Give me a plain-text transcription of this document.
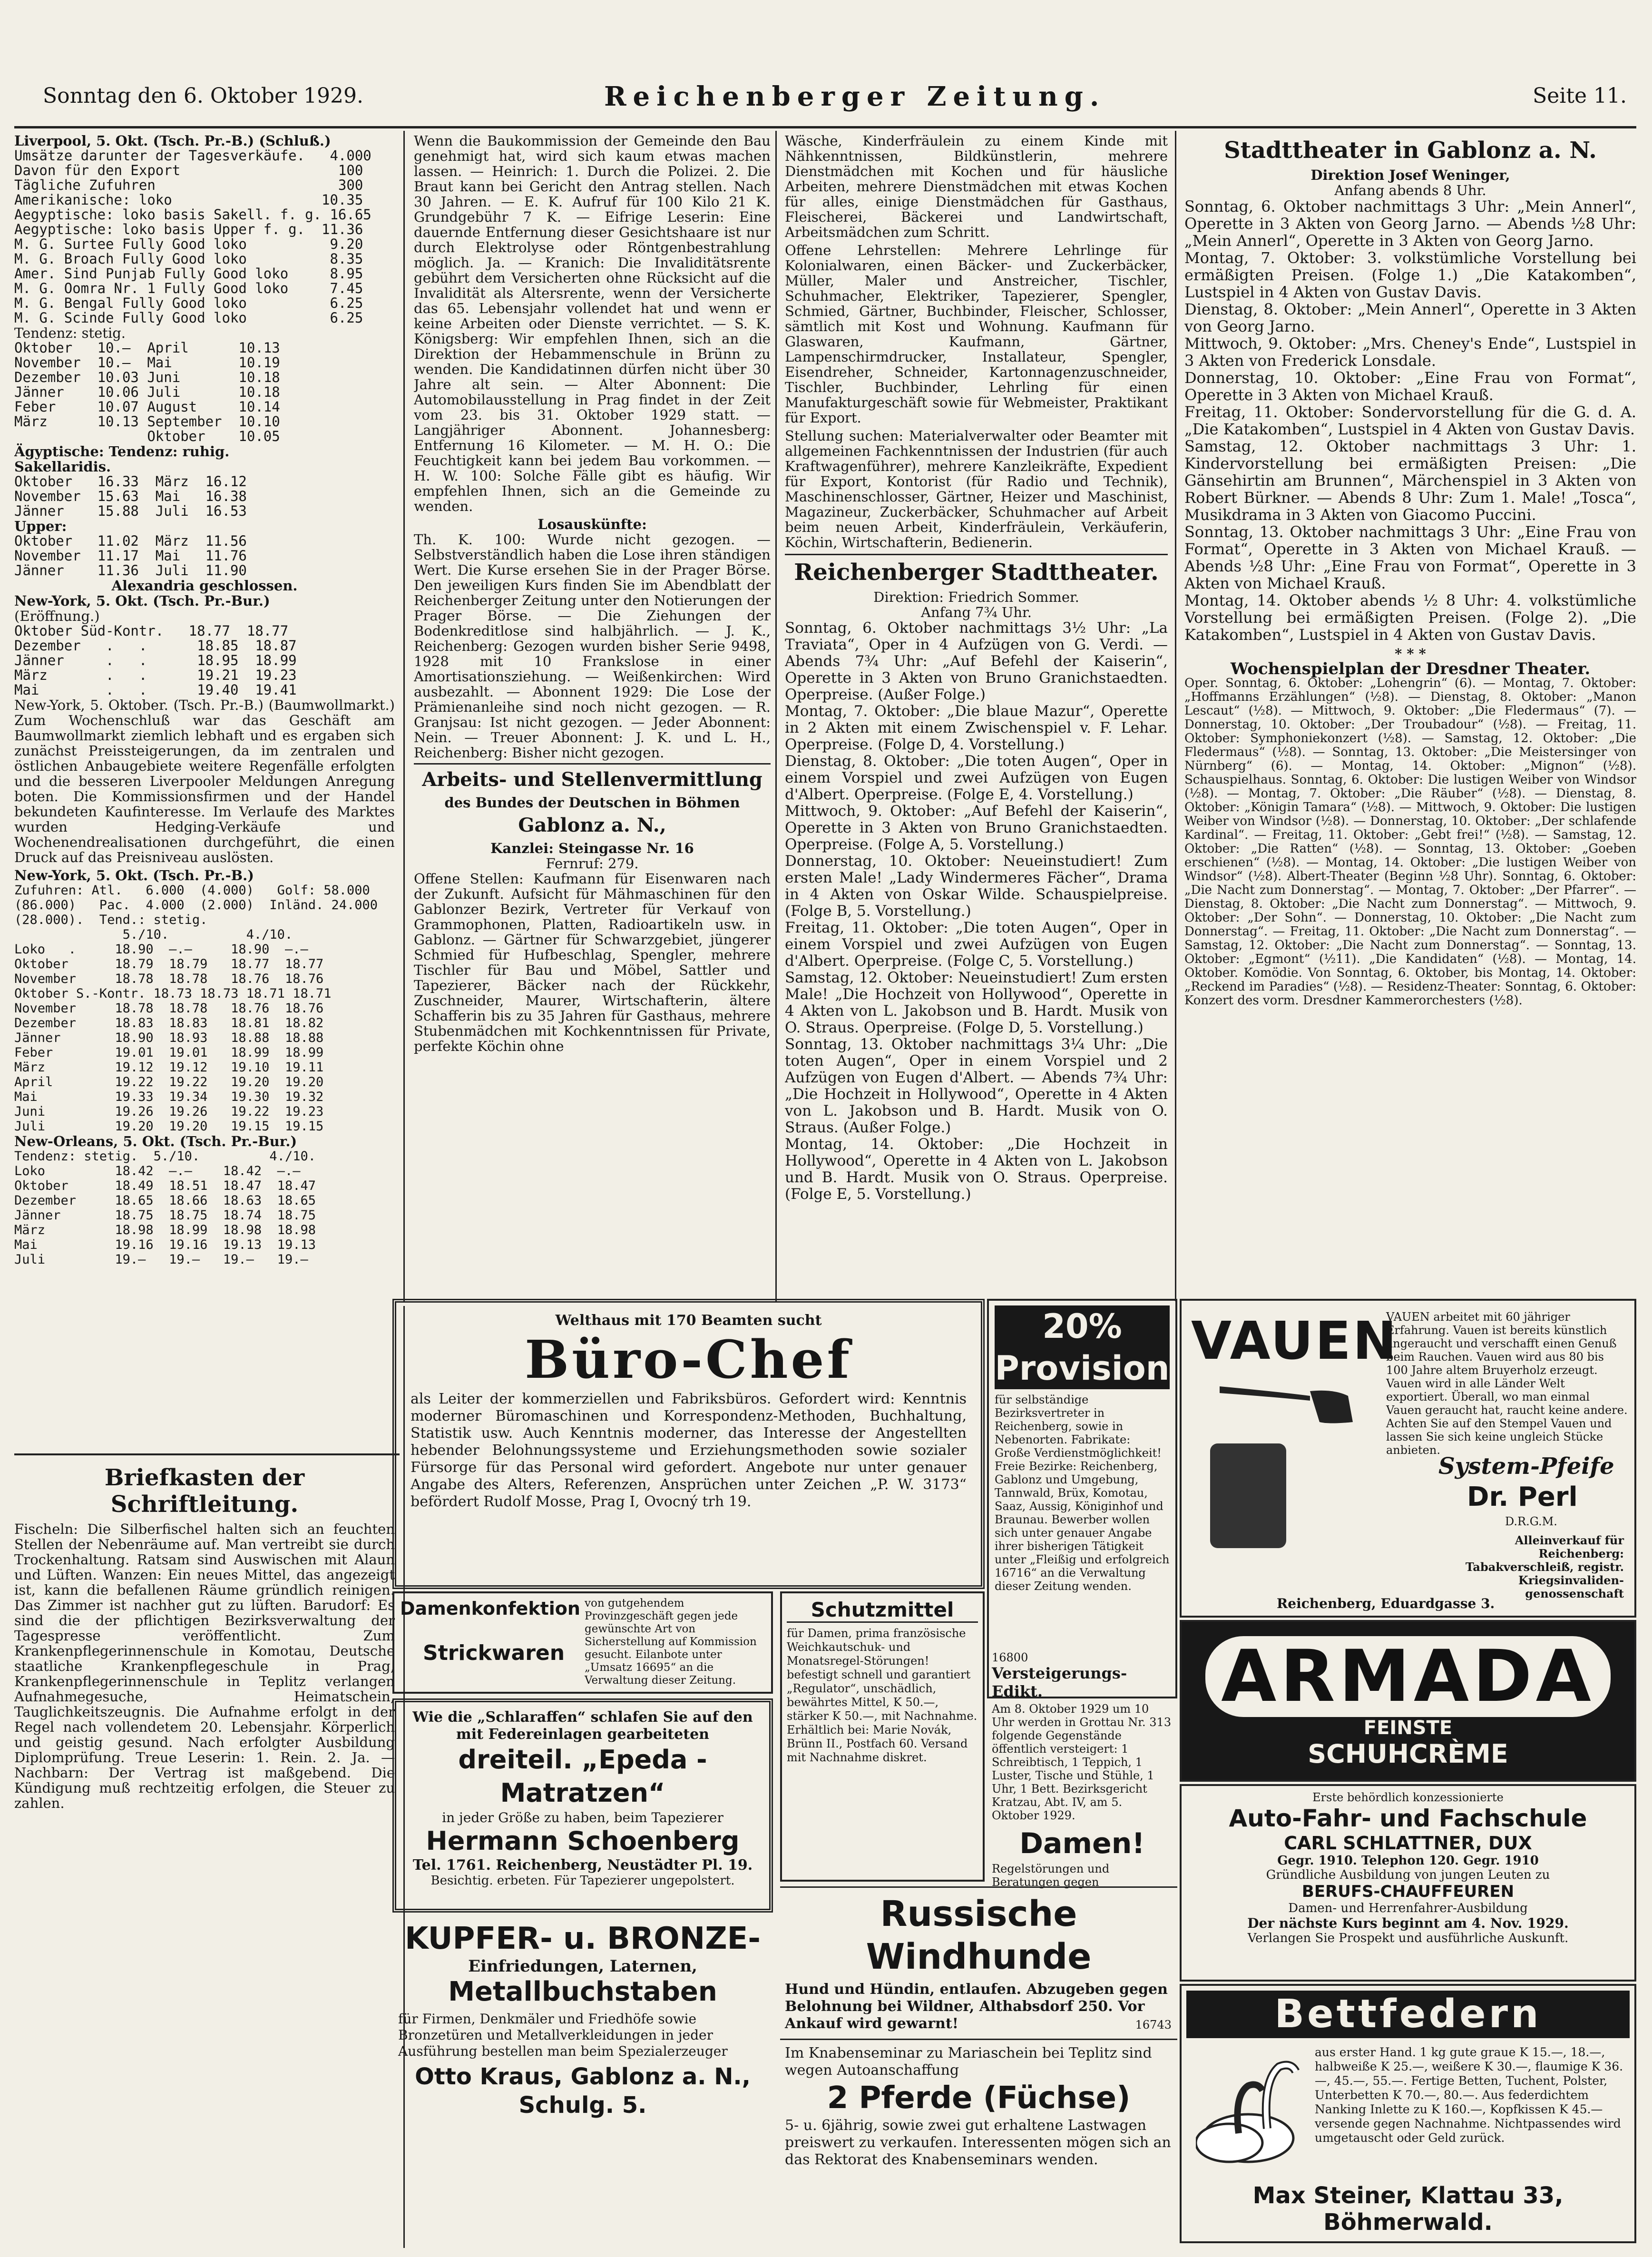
Sonntag den 6. Oktober 1929.	Reichenberger Zeitung.	Seite 11.
Liverpool, 5. Okt. (Tsch. Pr.-B.) (Schluß.)
Umsätze darunter der Tagesverkäufe.   4.000
Davon für den Export                   100
Tägliche Zufuhren                      300
Amerikanische: loko                  10.35
Aegyptische: loko basis Sakell. f. g. 16.65
Aegyptische: loko basis Upper f. g.  11.36
M. G. Surtee Fully Good loko          9.20
M. G. Broach Fully Good loko          8.35
Amer. Sind Punjab Fully Good loko     8.95
M. G. Oomra Nr. 1 Fully Good loko     7.45
M. G. Bengal Fully Good loko          6.25
M. G. Scinde Fully Good loko          6.25
Tendenz: stetig.
Oktober   10.—  April      10.13
November  10.—  Mai        10.19
Dezember  10.03 Juni       10.18
Jänner    10.06 Juli       10.18
Feber     10.07 August     10.14
März      10.13 September  10.10
Oktober    10.05
Ägyptische: Tendenz: ruhig.
Sakellaridis.
Oktober   16.33  März  16.12
November  15.63  Mai   16.38
Jänner    15.88  Juli  16.53
Upper:
Oktober   11.02  März  11.56
November  11.17  Mai   11.76
Jänner    11.36  Juli  11.90
Alexandria geschlossen.
New-York, 5. Okt. (Tsch. Pr.-Bur.)
(Eröffnung.)
Oktober Süd-Kontr.   18.77  18.77
Dezember   .   .      18.85  18.87
Jänner     .   .      18.95  18.99
März       .   .      19.21  19.23
Mai        .   .      19.40  19.41

New-York, 5. Oktober. (Tsch. Pr.-B.) (Baumwollmarkt.) Zum Wochenschluß war das Geschäft am Baumwollmarkt ziemlich lebhaft und es ergaben sich zunächst Preissteigerungen, da im zentralen und östlichen Anbaugebiete weitere Regenfälle erfolgten und die besseren Liverpooler Meldungen Anregung boten. Die Kommissionsfirmen und der Handel bekundeten Kaufinteresse. Im Verlaufe des Marktes wurden Hedging-Verkäufe und Wochenendrealisationen durchgeführt, die einen Druck auf das Preisniveau auslösten.

New-York, 5. Okt. (Tsch. Pr.-B.)
Zufuhren: Atl.   6.000  (4.000)   Golf: 58.000
(86.000)   Pac.  4.000  (2.000)  Inländ. 24.000
(28.000).  Tend.: stetig.
5./10.          4./10.
Loko   .     18.90  —.—     18.90  —.—
Oktober      18.79  18.79   18.77  18.77
November     18.78  18.78   18.76  18.76
Oktober S.-Kontr. 18.73 18.73 18.71 18.71
November     18.78  18.78   18.76  18.76
Dezember     18.83  18.83   18.81  18.82
Jänner       18.90  18.93   18.88  18.88
Feber        19.01  19.01   18.99  18.99
März         19.12  19.12   19.10  19.11
April        19.22  19.22   19.20  19.20
Mai          19.33  19.34   19.30  19.32
Juni         19.26  19.26   19.22  19.23
Juli         19.20  19.20   19.15  19.15
New-Orleans, 5. Okt. (Tsch. Pr.-Bur.)
Tendenz: stetig.  5./10.         4./10.
Loko         18.42  —.—    18.42  —.—
Oktober      18.49  18.51  18.47  18.47
Dezember     18.65  18.66  18.63  18.65
Jänner       18.75  18.75  18.74  18.75
März         18.98  18.99  18.98  18.98
Mai          19.16  19.16  19.13  19.13
Juli         19.—   19.—   19.—   19.—
Briefkasten der Schriftleitung.

Fischeln: Die Silberfischel halten sich an feuchten Stellen der Nebenräume auf. Man vertreibt sie durch Trockenhaltung. Ratsam sind Auswischen mit Alaun und Lüften. Wanzen: Ein neues Mittel, das angezeigt ist, kann die befallenen Räume gründlich reinigen. Das Zimmer ist nachher gut zu lüften. Barudorf: Es sind die der pflichtigen Bezirksverwaltung der Tagespresse veröffentlicht. Zum Krankenpflegerinnenschule in Komotau, Deutsche staatliche Krankenpflegeschule in Prag, Krankenpflegerinnenschule in Teplitz verlangen Aufnahmegesuche, Heimatschein, Tauglichkeitszeugnis. Die Aufnahme erfolgt in der Regel nach vollendetem 20. Lebensjahr. Körperlich und geistig gesund. Nach erfolgter Ausbildung Diplomprüfung. Treue Leserin: 1. Rein. 2. Ja. — Nachbarn: Der Vertrag ist maßgebend. Die Kündigung muß rechtzeitig erfolgen, die Steuer zu zahlen.

Wenn die Baukommission der Gemeinde den Bau genehmigt hat, wird sich kaum etwas machen lassen. — Heinrich: 1. Durch die Polizei. 2. Die Braut kann bei Gericht den Antrag stellen. Nach 30 Jahren. — E. K. Aufruf für 100 Kilo 21 K. Grundgebühr 7 K. — Eifrige Leserin: Eine dauernde Entfernung dieser Gesichtshaare ist nur durch Elektrolyse oder Röntgenbestrahlung möglich. Ja. — Kranich: Die Invaliditätsrente gebührt dem Versicherten ohne Rücksicht auf die Invalidität als Altersrente, wenn der Versicherte das 65. Lebensjahr vollendet hat und wenn er keine Arbeiten oder Dienste verrichtet. — S. K. Königsberg: Wir empfehlen Ihnen, sich an die Direktion der Hebammenschule in Brünn zu wenden. Die Kandidatinnen dürfen nicht über 30 Jahre alt sein. — Alter Abonnent: Die Automobilausstellung in Prag findet in der Zeit vom 23. bis 31. Oktober 1929 statt. — Langjähriger Abonnent. Johannesberg: Entfernung 16 Kilometer. — M. H. O.: Die Feuchtigkeit kann bei jedem Bau vorkommen. — H. W. 100: Solche Fälle gibt es häufig. Wir empfehlen Ihnen, sich an die Gemeinde zu wenden.

Losauskünfte:

Th. K. 100: Wurde nicht gezogen. — Selbstverständlich haben die Lose ihren ständigen Wert. Die Kurse ersehen Sie in der Prager Börse. Den jeweiligen Kurs finden Sie im Abendblatt der Reichenberger Zeitung unter den Notierungen der Prager Börse. — Die Ziehungen der Bodenkreditlose sind halbjährlich. — J. K., Reichenberg: Gezogen wurden bisher Serie 9498, 1928 mit 10 Frankslose in einer Amortisationsziehung. — Weißenkirchen: Wird ausbezahlt. — Abonnent 1929: Die Lose der Prämienanleihe sind noch nicht gezogen. — R. Granjsau: Ist nicht gezogen. — Jeder Abonnent: Nein. — Treuer Abonnent: J. K. und L. H., Reichenberg: Bisher nicht gezogen.

Arbeits- und Stellenvermittlung
des Bundes der Deutschen in Böhmen
Gablonz a. N.,
Kanzlei: Steingasse Nr. 16
Fernruf: 279.

Offene Stellen: Kaufmann für Eisenwaren nach der Zukunft. Aufsicht für Mähmaschinen für den Gablonzer Bezirk, Vertreter für Verkauf von Grammophonen, Platten, Radioartikeln usw. in Gablonz. — Gärtner für Schwarzgebiet, jüngerer Schmied für Hufbeschlag, Spengler, mehrere Tischler für Bau und Möbel, Sattler und Tapezierer, Bäcker nach der Rückkehr, Zuschneider, Maurer, Wirtschafterin, ältere Schafferin bis zu 35 Jahren für Gasthaus, mehrere Stubenmädchen mit Kochkenntnissen für Private, perfekte Köchin ohne

Wäsche, Kinderfräulein zu einem Kinde mit Nähkenntnissen, Bildkünstlerin, mehrere Dienstmädchen mit Kochen und für häusliche Arbeiten, mehrere Dienstmädchen mit etwas Kochen für alles, einige Dienstmädchen für Gasthaus, Fleischerei, Bäckerei und Landwirtschaft, Arbeitsmädchen zum Schritt.

Offene Lehrstellen: Mehrere Lehrlinge für Kolonialwaren, einen Bäcker- und Zuckerbäcker, Müller, Maler und Anstreicher, Tischler, Schuhmacher, Elektriker, Tapezierer, Spengler, Schmied, Gärtner, Buchbinder, Fleischer, Schlosser, sämtlich mit Kost und Wohnung. Kaufmann für Glaswaren, Kaufmann, Gärtner, Lampenschirmdrucker, Installateur, Spengler, Eisendreher, Schneider, Kartonnagenzuschneider, Tischler, Buchbinder, Lehrling für einen Manufakturgeschäft sowie für Webmeister, Praktikant für Export.

Stellung suchen: Materialverwalter oder Beamter mit allgemeinen Fachkenntnissen der Industrien (für auch Kraftwagenführer), mehrere Kanzleikräfte, Expedient für Export, Kontorist (für Radio und Technik), Maschinenschlosser, Gärtner, Heizer und Maschinist, Magazineur, Zuckerbäcker, Schuhmacher auf Arbeit beim neuen Arbeit, Kinderfräulein, Verkäuferin, Köchin, Wirtschafterin, Bedienerin.

Reichenberger Stadttheater.
Direktion: Friedrich Sommer.
Anfang 7¾ Uhr.

Sonntag, 6. Oktober nachmittags 3½ Uhr: „La Traviata“, Oper in 4 Aufzügen von G. Verdi. — Abends 7¾ Uhr: „Auf Befehl der Kaiserin“, Operette in 3 Akten von Bruno Granichstaedten. Operpreise. (Außer Folge.)
Montag, 7. Oktober: „Die blaue Mazur“, Operette in 2 Akten mit einem Zwischenspiel v. F. Lehar. Operpreise. (Folge D, 4. Vorstellung.)
Dienstag, 8. Oktober: „Die toten Augen“, Oper in einem Vorspiel und zwei Aufzügen von Eugen d'Albert. Operpreise. (Folge E, 4. Vorstellung.)
Mittwoch, 9. Oktober: „Auf Befehl der Kaiserin“, Operette in 3 Akten von Bruno Granichstaedten. Operpreise. (Folge A, 5. Vorstellung.)
Donnerstag, 10. Oktober: Neueinstudiert! Zum ersten Male! „Lady Windermeres Fächer“, Drama in 4 Akten von Oskar Wilde. Schauspielpreise. (Folge B, 5. Vorstellung.)
Freitag, 11. Oktober: „Die toten Augen“, Oper in einem Vorspiel und zwei Aufzügen von Eugen d'Albert. Operpreise. (Folge C, 5. Vorstellung.)
Samstag, 12. Oktober: Neueinstudiert! Zum ersten Male! „Die Hochzeit von Hollywood“, Operette in 4 Akten von L. Jakobson und B. Hardt. Musik von O. Straus. Operpreise. (Folge D, 5. Vorstellung.)
Sonntag, 13. Oktober nachmittags 3¼ Uhr: „Die toten Augen“, Oper in einem Vorspiel und 2 Aufzügen von Eugen d'Albert. — Abends 7¾ Uhr: „Die Hochzeit in Hollywood“, Operette in 4 Akten von L. Jakobson und B. Hardt. Musik von O. Straus. (Außer Folge.)
Montag, 14. Oktober: „Die Hochzeit in Hollywood“, Operette in 4 Akten von L. Jakobson und B. Hardt. Musik von O. Straus. Operpreise. (Folge E, 5. Vorstellung.)

Stadttheater in Gablonz a. N.
Direktion Josef Weninger,
Anfang abends 8 Uhr.

Sonntag, 6. Oktober nachmittags 3 Uhr: „Mein Annerl“, Operette in 3 Akten von Georg Jarno. — Abends ½8 Uhr: „Mein Annerl“, Operette in 3 Akten von Georg Jarno.
Montag, 7. Oktober: 3. volkstümliche Vorstellung bei ermäßigten Preisen. (Folge 1.) „Die Katakomben“, Lustspiel in 4 Akten von Gustav Davis.
Dienstag, 8. Oktober: „Mein Annerl“, Operette in 3 Akten von Georg Jarno.
Mittwoch, 9. Oktober: „Mrs. Cheney's Ende“, Lustspiel in 3 Akten von Frederick Lonsdale.
Donnerstag, 10. Oktober: „Eine Frau von Format“, Operette in 3 Akten von Michael Krauß.
Freitag, 11. Oktober: Sondervorstellung für die G. d. A. „Die Katakomben“, Lustspiel in 4 Akten von Gustav Davis.
Samstag, 12. Oktober nachmittags 3 Uhr: 1. Kindervorstellung bei ermäßigten Preisen: „Die Gänsehirtin am Brunnen“, Märchenspiel in 3 Akten von Robert Bürkner. — Abends 8 Uhr: Zum 1. Male! „Tosca“, Musikdrama in 3 Akten von Giacomo Puccini.
Sonntag, 13. Oktober nachmittags 3 Uhr: „Eine Frau von Format“, Operette in 3 Akten von Michael Krauß. — Abends ½8 Uhr: „Eine Frau von Format“, Operette in 3 Akten von Michael Krauß.
Montag, 14. Oktober abends ½ 8 Uhr: 4. volkstümliche Vorstellung bei ermäßigten Preisen. (Folge 2). „Die Katakomben“, Lustspiel in 4 Akten von Gustav Davis.

* * *
Wochenspielplan der Dresdner Theater.

Oper. Sonntag, 6. Oktober: „Lohengrin“ (6). — Montag, 7. Oktober: „Hoffmanns Erzählungen“ (½8). — Dienstag, 8. Oktober: „Manon Lescaut“ (½8). — Mittwoch, 9. Oktober: „Die Fledermaus“ (7). — Donnerstag, 10. Oktober: „Der Troubadour“ (½8). — Freitag, 11. Oktober: Symphoniekonzert (½8). — Samstag, 12. Oktober: „Die Fledermaus“ (½8). — Sonntag, 13. Oktober: „Die Meistersinger von Nürnberg“ (6). — Montag, 14. Oktober: „Mignon“ (½8). Schauspielhaus. Sonntag, 6. Oktober: Die lustigen Weiber von Windsor (½8). — Montag, 7. Oktober: „Die Räuber“ (½8). — Dienstag, 8. Oktober: „Königin Tamara“ (½8). — Mittwoch, 9. Oktober: Die lustigen Weiber von Windsor (½8). — Donnerstag, 10. Oktober: „Der schlafende Kardinal“. — Freitag, 11. Oktober: „Gebt frei!“ (½8). — Samstag, 12. Oktober: „Die Ratten“ (½8). — Sonntag, 13. Oktober: „Goeben erschienen“ (½8). — Montag, 14. Oktober: „Die lustigen Weiber von Windsor“ (½8). Albert-Theater (Beginn ½8 Uhr). Sonntag, 6. Oktober: „Die Nacht zum Donnerstag“. — Montag, 7. Oktober: „Der Pfarrer“. — Dienstag, 8. Oktober: „Die Nacht zum Donnerstag“. — Mittwoch, 9. Oktober: „Der Sohn“. — Donnerstag, 10. Oktober: „Die Nacht zum Donnerstag“. — Freitag, 11. Oktober: „Die Nacht zum Donnerstag“. — Samstag, 12. Oktober: „Die Nacht zum Donnerstag“. — Sonntag, 13. Oktober: „Egmont“ (½11). „Die Kandidaten“ (½8). — Montag, 14. Oktober. Komödie. Von Sonntag, 6. Oktober, bis Montag, 14. Oktober: „Reckend im Paradies“ (½8). — Residenz-Theater: Sonntag, 6. Oktober: Konzert des vorm. Dresdner Kammerorchesters (½8).

Welthaus mit 170 Beamten sucht
Büro-Chef

als Leiter der kommerziellen und Fabriksbüros. Gefordert wird: Kenntnis moderner Büromaschinen und Korrespondenz-Methoden, Buchhaltung, Statistik usw. Auch Kenntnis moderner, das Interesse der Angestellten hebender Belohnungssysteme und Erziehungsmethoden sowie sozialer Fürsorge für das Personal wird gefordert. Angebote nur unter genauer Angabe des Alters, Referenzen, Ansprüchen unter Zeichen „P. W. 3173“ befördert Rudolf Mosse, Prag I, Ovocný trh 19.

20% Provision

für selbständige Bezirksvertreter in Reichenberg, sowie in Nebenorten. Fabrikate: Große Verdienstmöglichkeit! Freie Bezirke: Reichenberg, Gablonz und Umgebung, Tannwald, Brüx, Komotau, Saaz, Aussig, Königinhof und Braunau. Bewerber wollen sich unter genauer Angabe ihrer bisherigen Tätigkeit unter „Fleißig und erfolgreich 16716“ an die Verwaltung dieser Zeitung wenden.

VAUEN

VAUEN arbeitet mit 60 jähriger Erfahrung. Vauen ist bereits künstlich angeraucht und verschafft einen Genuß beim Rauchen. Vauen wird aus 80 bis 100 Jahre altem Bruyerholz erzeugt. Vauen wird in alle Länder Welt exportiert. Überall, wo man einmal Vauen geraucht hat, raucht keine andere. Achten Sie auf den Stempel Vauen und lassen Sie sich keine ungleich Stücke anbieten.

System-Pfeife
Dr. Perl
D.R.G.M.

Alleinverkauf für Reichenberg: Tabakverschleiß, registr. Kriegsinvaliden-genossenschaft

Reichenberg, Eduardgasse 3.
Damenkonfektion
Strickwaren

von gutgehendem Provinzgeschäft gegen jede gewünschte Art von Sicherstellung auf Kommission gesucht. Eilanbote unter „Umsatz 16695“ an die Verwaltung dieser Zeitung.

Schutzmittel

für Damen, prima französische Weichkautschuk- und Monatsregel-Störungen! befestigt schnell und garantiert „Regulator“, unschädlich, bewährtes Mittel, K 50.—, stärker K 50.—, mit Nachnahme. Erhältlich bei: Marie Novák, Brünn II., Postfach 60. Versand mit Nachnahme diskret.

ARMADA
FEINSTE
SCHUHCRÈME
Erste behördlich konzessionierte
Auto-Fahr- und Fachschule
CARL SCHLATTNER, DUX
Gegr. 1910. Telephon 120. Gegr. 1910
Gründliche Ausbildung von jungen Leuten zu
BERUFS-CHAUFFEUREN
Damen- und Herrenfahrer-Ausbildung
Der nächste Kurs beginnt am 4. Nov. 1929.
Verlangen Sie Prospekt und ausführliche Auskunft.
Wie die „Schlaraffen“ schlafen Sie auf den mit Federeinlagen gearbeiteten
dreiteil. „Epeda - Matratzen“
in jeder Größe zu haben, beim Tapezierer
Hermann Schoenberg
Tel. 1761. Reichenberg, Neustädter Pl. 19.
Besichtig. erbeten. Für Tapezierer ungepolstert.
16800
Versteigerungs-Edikt.

Am 8. Oktober 1929 um 10 Uhr werden in Grottau Nr. 313 folgende Gegenstände öffentlich versteigert: 1 Schreibtisch, 1 Teppich, 1 Luster, Tische und Stühle, 1 Uhr, 1 Bett. Bezirksgericht Kratzau, Abt. IV, am 5. Oktober 1929.

Damen!

Regelstörungen und Beratungen gegen

KUPFER- u. BRONZE-
Einfriedungen, Laternen,
Metallbuchstaben

für Firmen, Denkmäler und Friedhöfe sowie Bronzetüren und Metallverkleidungen in jeder Ausführung bestellen man beim Spezialerzeuger

Otto Kraus, Gablonz a. N., Schulg. 5.
Russische Windhunde

Hund und Hündin, entlaufen. Abzugeben gegen Belohnung bei Wildner, Althabsdorf 250. Vor Ankauf wird gewarnt!	16743

Im Knabenseminar zu Mariaschein bei Teplitz sind wegen Autoanschaffung

2 Pferde (Füchse)

5- u. 6jährig, sowie zwei gut erhaltene Lastwagen preiswert zu verkaufen. Interessenten mögen sich an das Rektorat des Knabenseminars wenden.

Bettfedern

aus erster Hand. 1 kg gute graue K 15.—, 18.—, halbweiße K 25.—, weißere K 30.—, flaumige K 36.—, 45.—, 55.—. Fertige Betten, Tuchent, Polster, Unterbetten K 70.—, 80.—. Aus federdichtem Nanking Inlette zu K 160.—, Kopfkissen K 45.— versende gegen Nachnahme. Nichtpassendes wird umgetauscht oder Geld zurück.

Max Steiner, Klattau 33, Böhmerwald.
